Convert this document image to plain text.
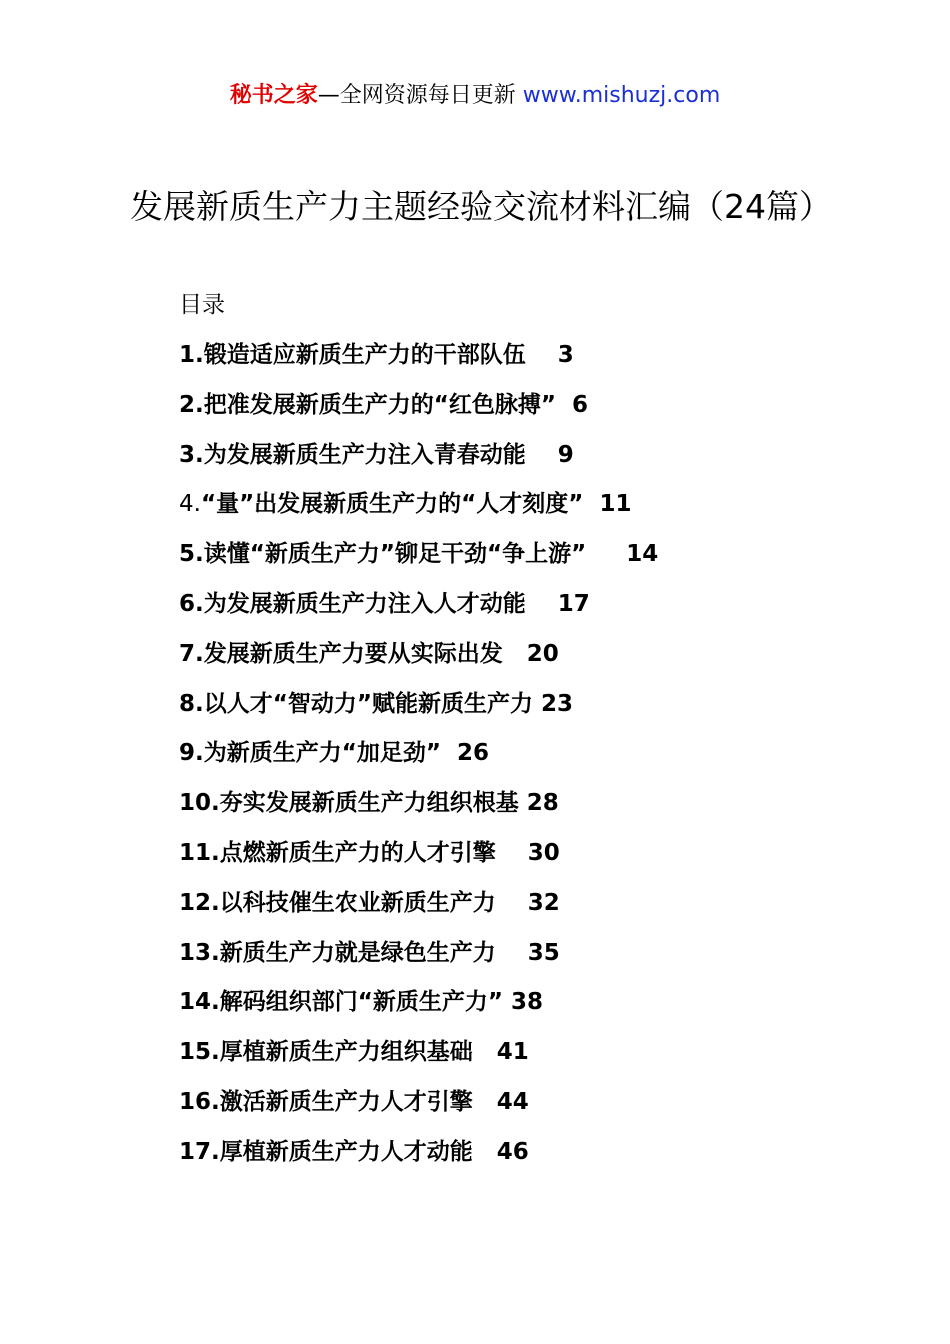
秘书之家—全网资源每日更新 www.mishuzj.com
发展新质生产力主题经验交流材料汇编（24篇）
目录
1.锻造适应新质生产力的干部队伍 3
2.把准发展新质生产力的“红色脉搏” 6
3.为发展新质生产力注入青春动能 9
4.“量”出发展新质生产力的“人才刻度” 11
5.读懂“新质生产力”铆足干劲“争上游” 14
6.为发展新质生产力注入人才动能 17
7.发展新质生产力要从实际出发 20
8.以人才“智动力”赋能新质生产力 23
9.为新质生产力“加足劲” 26
10.夯实发展新质生产力组织根基 28
11.点燃新质生产力的人才引擎 30
12.以科技催生农业新质生产力 32
13.新质生产力就是绿色生产力 35
14.解码组织部门“新质生产力” 38
15.厚植新质生产力组织基础 41
16.激活新质生产力人才引擎 44
17.厚植新质生产力人才动能 46
